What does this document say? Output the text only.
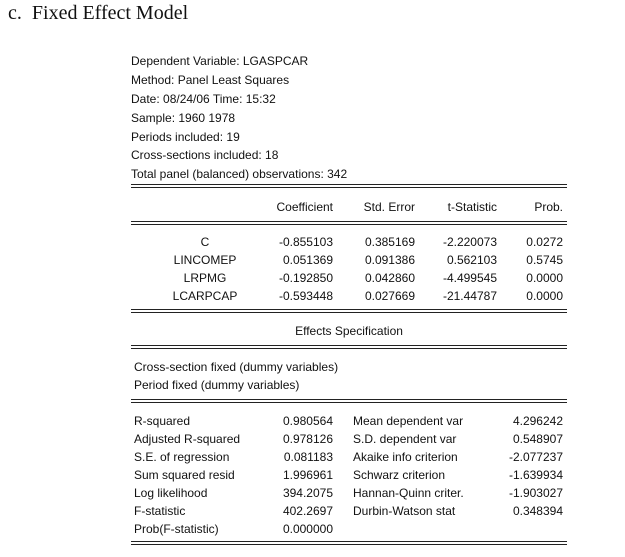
c. Fixed Effect Model
Dependent Variable: LGASPCAR
Method: Panel Least Squares
Date: 08/24/06 Time: 15:32
Sample: 1960 1978
Periods included: 19
Cross-sections included: 18
Total panel (balanced) observations: 342
Coefficient	Std. Error	t-Statistic	Prob.
C	-0.855103	0.385169	-2.220073	0.0272
LINCOMEP	0.051369	0.091386	0.562103	0.5745
LRPMG	-0.192850	0.042860	-4.499545	0.0000
LCARPCAP	-0.593448	0.027669	-21.44787	0.0000
Effects Specification
Cross-section fixed (dummy variables)
Period fixed (dummy variables)
R-squared	0.980564 Mean dependent var	4.296242
Adjusted R-squared	0.978126 S.D. dependent var	0.548907
S.E. of regression	0.081183 Akaike info criterion	-2.077237
Sum squared resid	1.996961 Schwarz criterion	-1.639934
Log likelihood	394.2075 Hannan-Quinn criter.	-1.903027
F-statistic	402.2697 Durbin-Watson stat	0.348394
Prob(F-statistic)	0.000000
